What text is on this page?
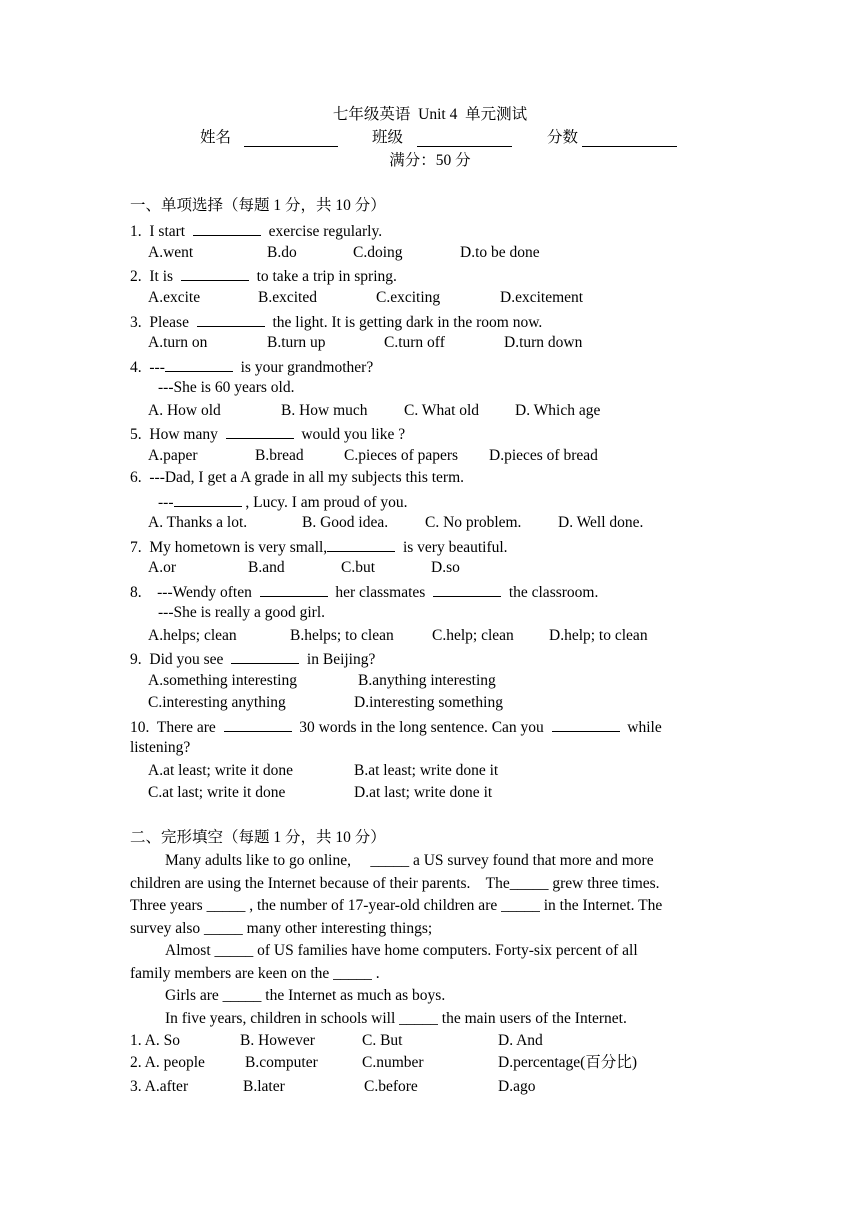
七年级英语  Unit 4  单元测试
姓名	班级	分数
满分：50 分
一、单项选择（每题 1 分，共 10 分）
1.  I start	exercise regularly.
A.went	B.do	C.doing	D.to be done
2.  It is	to take a trip in spring.
A.excite	B.excited	C.exciting	D.excitement
3.  Please	the light. It is getting dark in the room now.
A.turn on	B.turn up	C.turn off	D.turn down
4.  ---	is your grandmother?
---She is 60 years old.
A. How old	B. How much C. What old D. Which age
5.  How many	would you like ?
A.paper	B.bread	C.pieces of papers D.pieces of bread
6.  ---Dad, I get a A grade in all my subjects this term.
---	, Lucy. I am proud of you.
A. Thanks a lot.	B. Good idea. C. No problem. D. Well done.
7.  My hometown is very small,	is very beautiful.
A.or	B.and	C.but	D.so
8.    ---Wendy often	her classmates	the classroom.
---She is really a good girl.
A.helps; clean	B.helps; to clean C.help; clean D.help; to clean
9.  Did you see	in Beijing?
A.something interesting	B.anything interesting
C.interesting anything	D.interesting something
10.  There are	30 words in the long sentence. Can you	while
listening?
A.at least; write it done	B.at least; write done it
C.at last; write it done	D.at last; write done it
二、完形填空（每题 1 分，共 10 分）
Many adults like to go online,     _____ a US survey found that more and more
children are using the Internet because of their parents.    The_____ grew three times.
Three years _____ , the number of 17-year-old children are _____ in the Internet. The
survey also _____ many other interesting things;
Almost _____ of US families have home computers. Forty-six percent of all
family members are keen on the _____ .
Girls are _____ the Internet as much as boys.
In five years, children in schools will _____ the main users of the Internet.
1. A. So	B. However	C. But	D. And
2. A. people	B.computer	C.number	D.percentage(百分比)
3. A.after	B.later	C.before	D.ago
